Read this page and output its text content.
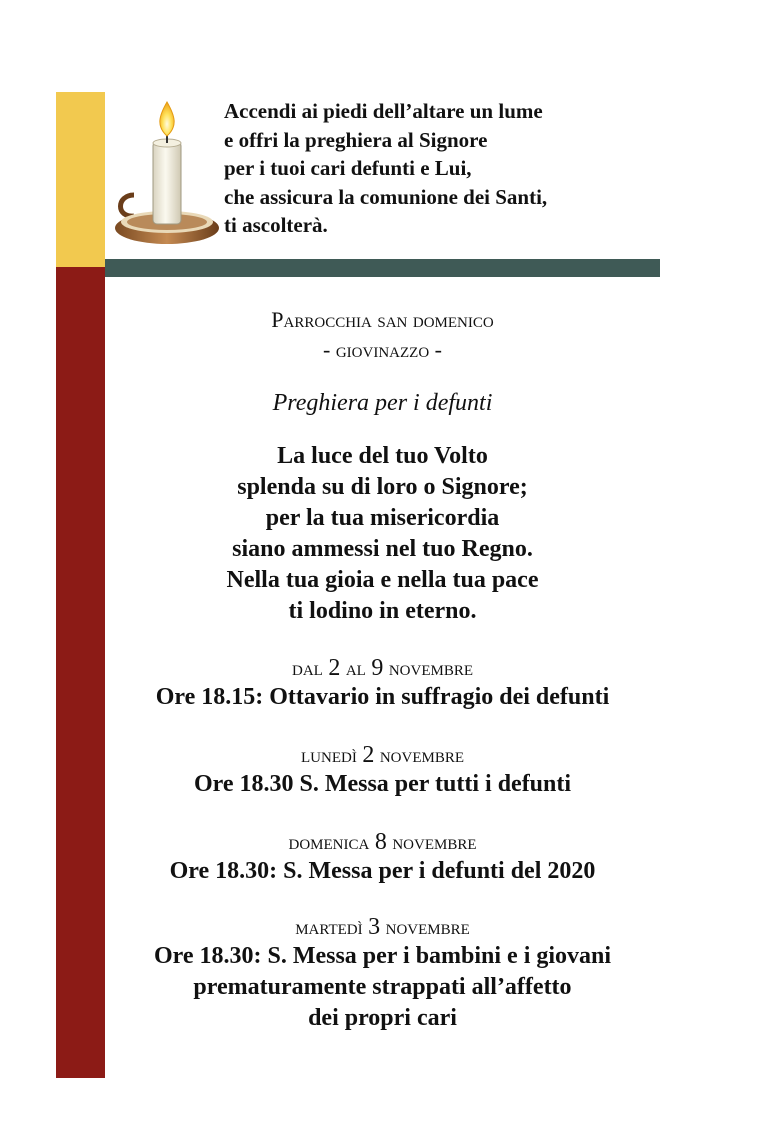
Accendi ai piedi dell’altare un lume
e offri la preghiera al Signore
per i tuoi cari defunti e Lui,
che assicura la comunione dei Santi,
ti ascolterà.
Parrocchia san domenico
- giovinazzo -
Preghiera per i defunti
La luce del tuo Volto
splenda su di loro o Signore;
per la tua misericordia
siano ammessi nel tuo Regno.
Nella tua gioia e nella tua pace
ti lodino in eterno.
dal 2 al 9 novembre
Ore 18.15: Ottavario in suffragio dei defunti
lunedì 2 novembre
Ore 18.30 S. Messa per tutti i defunti
domenica 8 novembre
Ore 18.30: S. Messa per i defunti del 2020
martedì 3 novembre
Ore 18.30: S. Messa per i bambini e i giovani
prematuramente strappati all’affetto
dei propri cari
